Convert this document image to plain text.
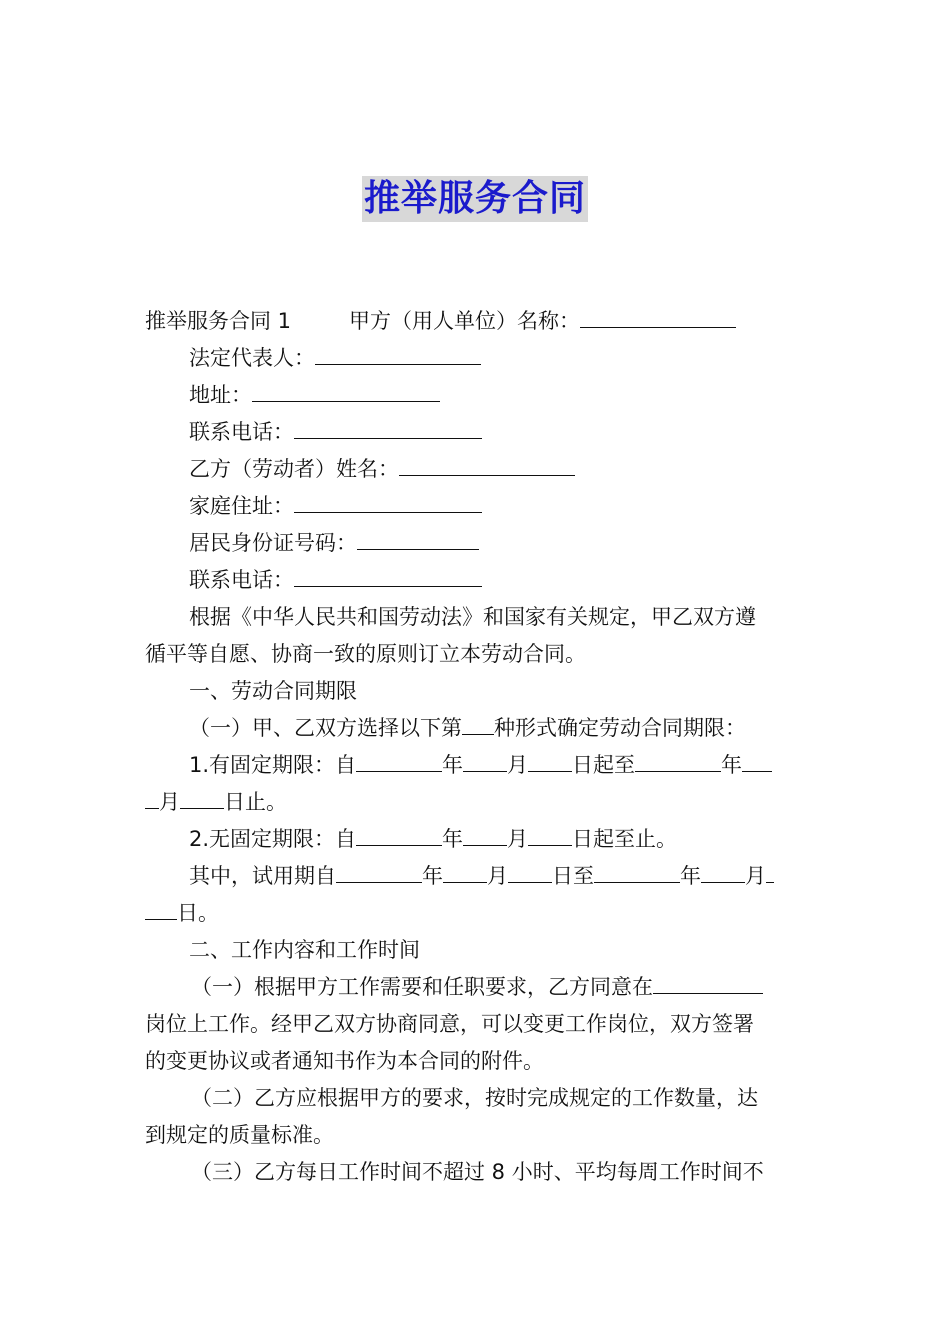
推举服务合同
推举服务合同 1	甲方（用人单位）名称：
法定代表人：
地址：
联系电话：
乙方（劳动者）姓名：
家庭住址：
居民身份证号码：
联系电话：
根据《中华人民共和国劳动法》和国家有关规定，甲乙双方遵
循平等自愿、协商一致的原则订立本劳动合同。
一、劳动合同期限
（一）甲、乙双方选择以下第 种形式确定劳动合同期限：
1.有固定期限：自	年 月 日起至	年
月 日止。
2.无固定期限：自	年 月 日起至止。
其中，试用期自	年 月 日至	年 月
日。
二、工作内容和工作时间
（一）根据甲方工作需要和任职要求，乙方同意在
岗位上工作。经甲乙双方协商同意，可以变更工作岗位，双方签署
的变更协议或者通知书作为本合同的附件。
（二）乙方应根据甲方的要求，按时完成规定的工作数量，达
到规定的质量标准。
（三）乙方每日工作时间不超过 8 小时、平均每周工作时间不
